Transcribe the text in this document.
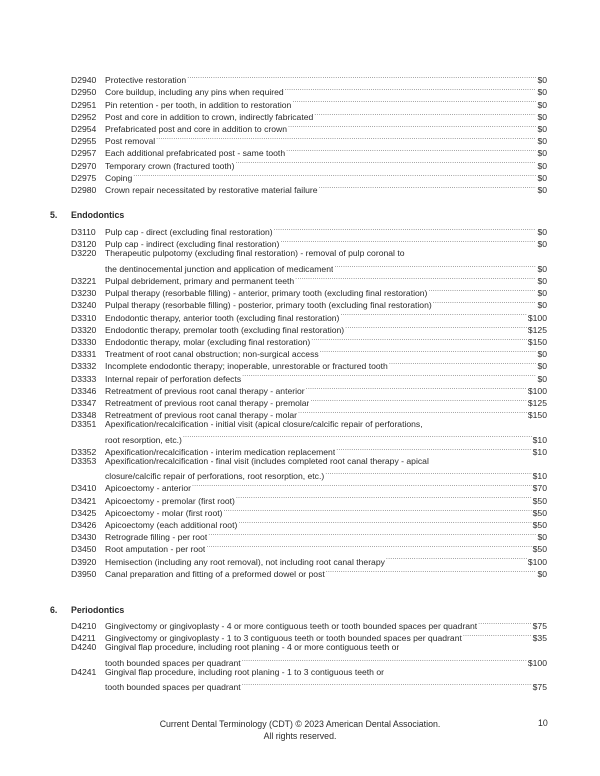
D2940	Protective restoration .....	$0
D2950	Core buildup, including any pins when required .....	$0
D2951	Pin retention - per tooth, in addition to restoration .....	$0
D2952	Post and core in addition to crown, indirectly fabricated .....	$0
D2954	Prefabricated post and core in addition to crown .....	$0
D2955	Post removal .....	$0
D2957	Each additional prefabricated post - same tooth .....	$0
D2970	Temporary crown (fractured tooth) .....	$0
D2975	Coping .....	$0
D2980	Crown repair necessitated by restorative material failure .....	$0
5. Endodontics
D3110	Pulp cap - direct (excluding final restoration) .....	$0
D3120	Pulp cap - indirect (excluding final restoration) .....	$0
D3220	Therapeutic pulpotomy (excluding final restoration) - removal of pulp coronal to
the dentinocemental junction and application of medicament .....	$0
D3221	Pulpal debridement, primary and permanent teeth .....	$0
D3230	Pulpal therapy (resorbable filling) - anterior, primary tooth (excluding final restoration) .....	$0
D3240	Pulpal therapy (resorbable filling) - posterior, primary tooth (excluding final restoration) .....	$0
D3310	Endodontic therapy, anterior tooth (excluding final restoration) .....	$100
D3320	Endodontic therapy, premolar tooth (excluding final restoration) .....	$125
D3330	Endodontic therapy, molar (excluding final restoration) .....	$150
D3331	Treatment of root canal obstruction; non-surgical access .....	$0
D3332	Incomplete endodontic therapy; inoperable, unrestorable or fractured tooth .....	$0
D3333	Internal repair of perforation defects .....	$0
D3346	Retreatment of previous root canal therapy - anterior .....	$100
D3347	Retreatment of previous root canal therapy - premolar .....	$125
D3348	Retreatment of previous root canal therapy - molar .....	$150
D3351	Apexification/recalcification - initial visit (apical closure/calcific repair of perforations,
root resorption, etc.) .....	$10
D3352	Apexification/recalcification - interim medication replacement .....	$10
D3353	Apexification/recalcification - final visit (includes completed root canal therapy - apical
closure/calcific repair of perforations, root resorption, etc.) .....	$10
D3410	Apicoectomy - anterior .....	$70
D3421	Apicoectomy - premolar (first root) .....	$50
D3425	Apicoectomy - molar (first root) .....	$50
D3426	Apicoectomy (each additional root) .....	$50
D3430	Retrograde filling - per root .....	$0
D3450	Root amputation - per root .....	$50
D3920	Hemisection (including any root removal), not including root canal therapy .....	$100
D3950	Canal preparation and fitting of a preformed dowel or post .....	$0
6. Periodontics
D4210	Gingivectomy or gingivoplasty - 4 or more contiguous teeth or tooth bounded spaces per quadrant .....	$75
D4211	Gingivectomy or gingivoplasty - 1 to 3 contiguous teeth or tooth bounded spaces per quadrant .....	$35
D4240	Gingival flap procedure, including root planing - 4 or more contiguous teeth or
tooth bounded spaces per quadrant .....	$100
D4241	Gingival flap procedure, including root planing - 1 to 3 contiguous teeth or
tooth bounded spaces per quadrant .....	$75
Current Dental Terminology (CDT) © 2023 American Dental Association.
All rights reserved.
10
